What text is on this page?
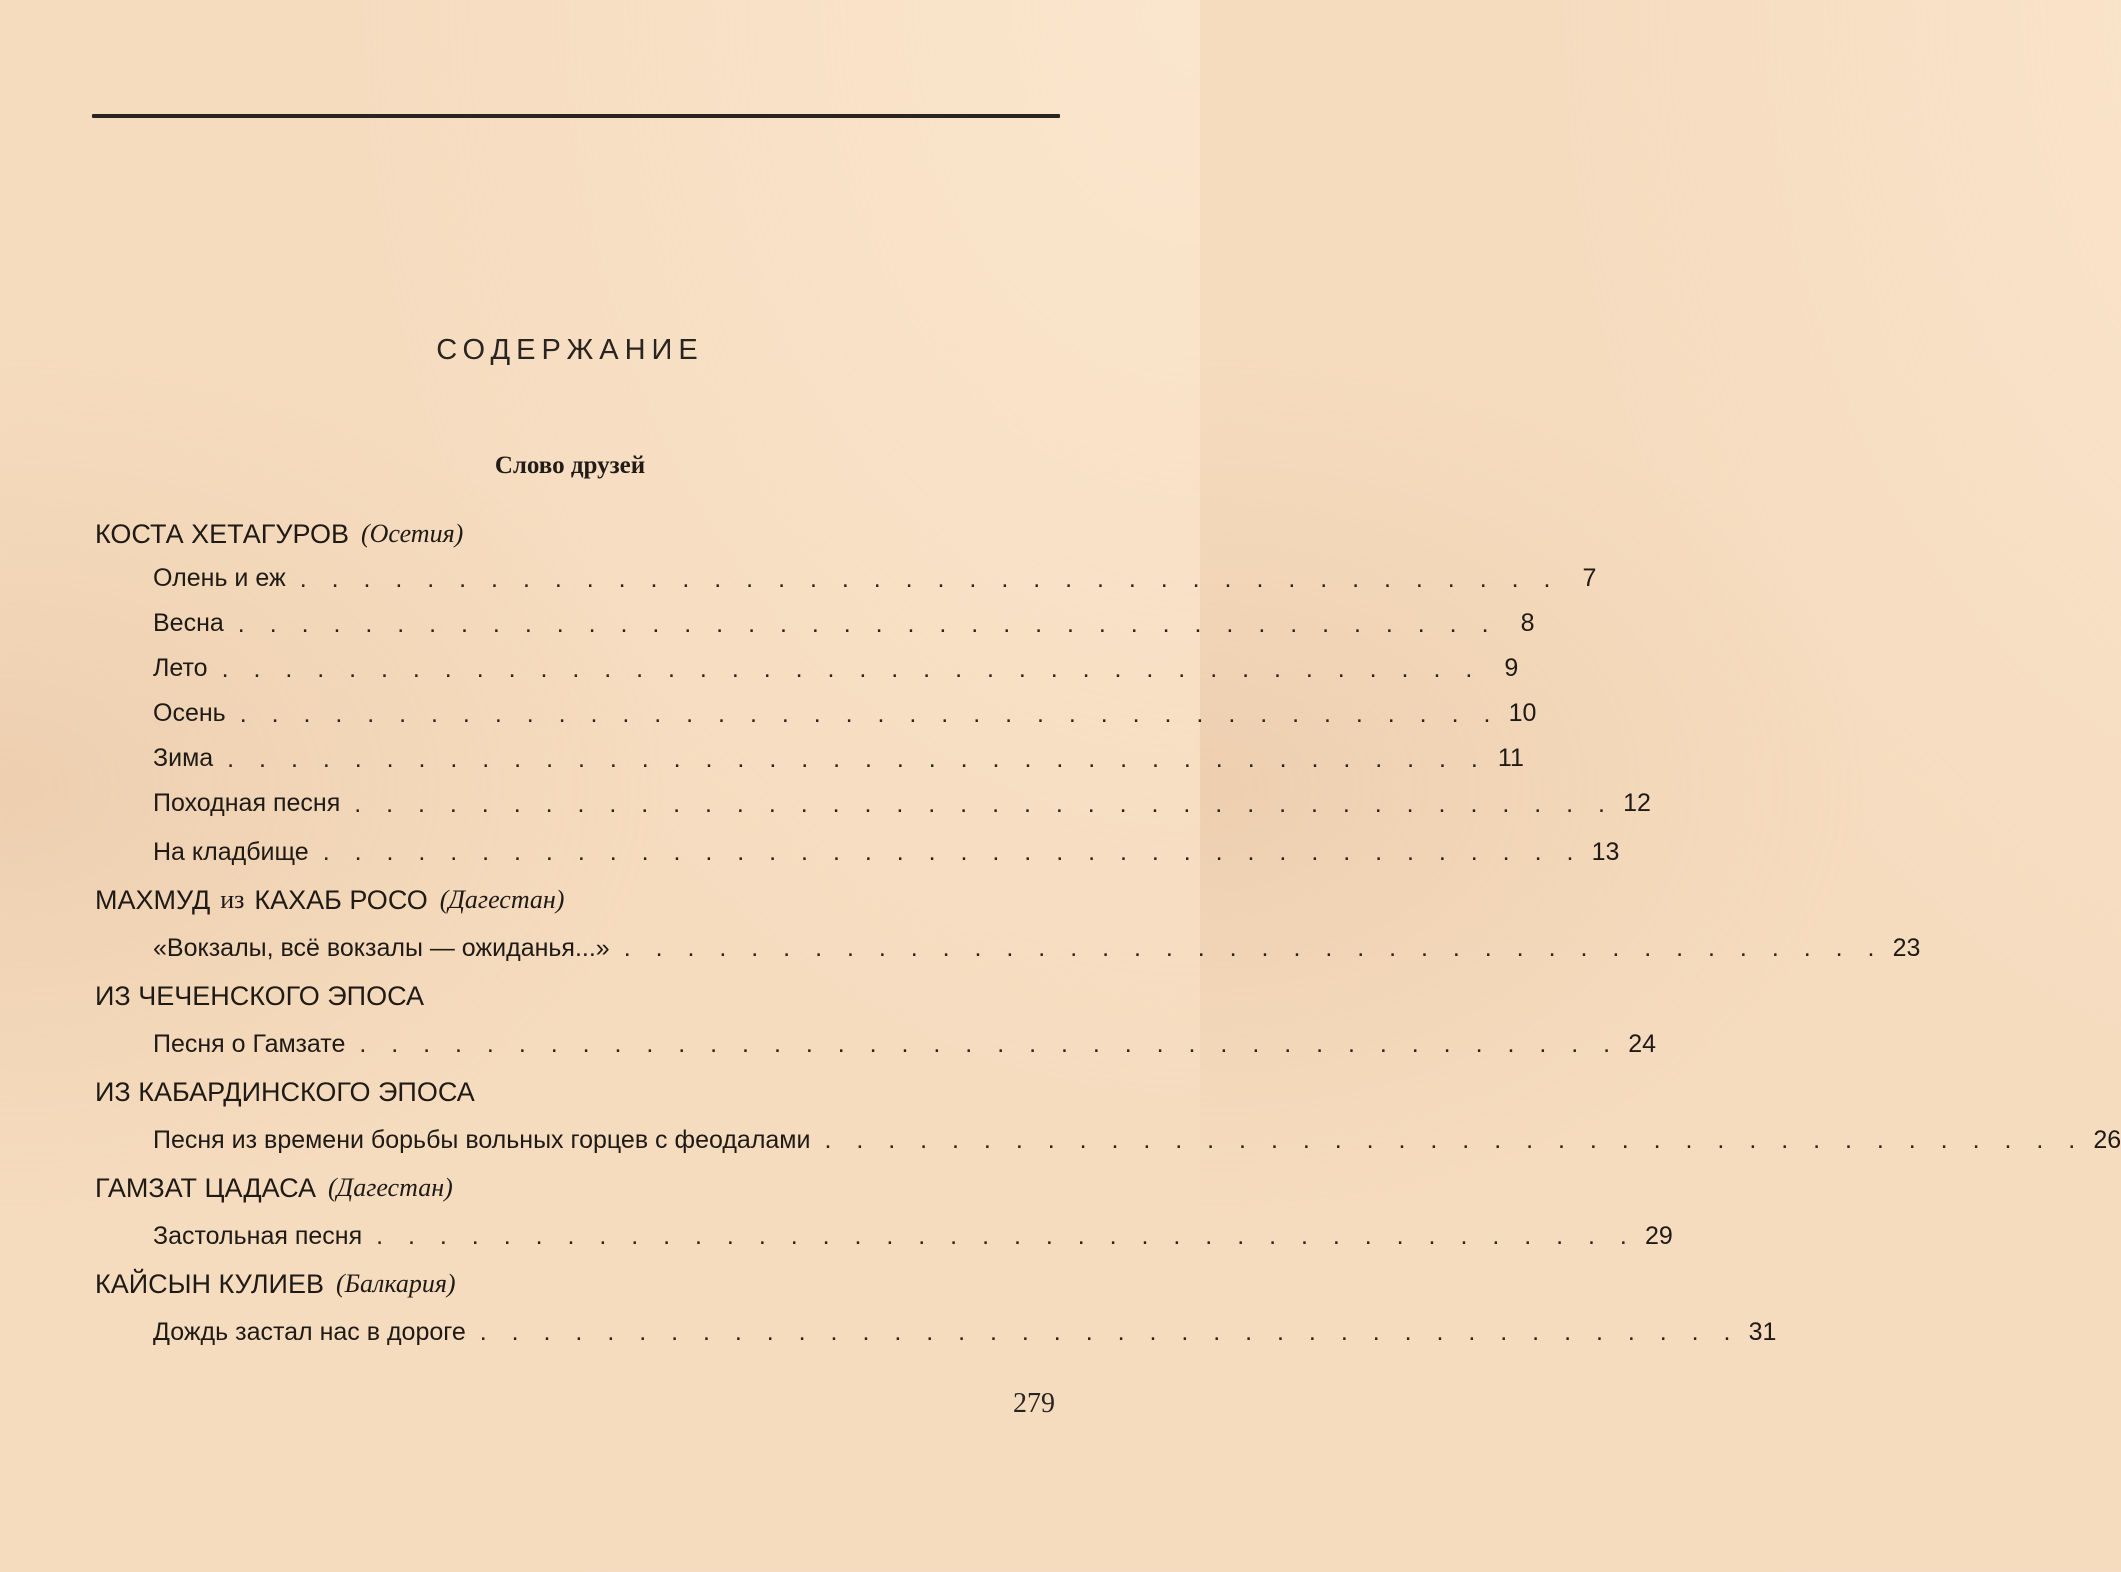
СОДЕРЖАНИЕ
Слово друзей
КОСТА ХЕТАГУРОВ (Осетия)
Олень и еж . . . . . . . . . . . . . . . . . . . . . . . . . . . . . . . . . . . . . . . .	7
Весна . . . . . . . . . . . . . . . . . . . . . . . . . . . . . . . . . . . . . . . .	8
Лето . . . . . . . . . . . . . . . . . . . . . . . . . . . . . . . . . . . . . . . .	9
Осень . . . . . . . . . . . . . . . . . . . . . . . . . . . . . . . . . . . . . . . . 10
Зима . . . . . . . . . . . . . . . . . . . . . . . . . . . . . . . . . . . . . . . . 11
Походная песня . . . . . . . . . . . . . . . . . . . . . . . . . . . . . . . . . . . . . . . . 12
На кладбище . . . . . . . . . . . . . . . . . . . . . . . . . . . . . . . . . . . . . . . . 13
МАХМУД из КАХАБ РОСО (Дагестан)
«Вокзалы, всё вокзалы — ожиданья...» . . . . . . . . . . . . . . . . . . . . . . . . . . . . . . . . . . . . . . . . 23
ИЗ ЧЕЧЕНСКОГО ЭПОСА
Песня о Гамзате . . . . . . . . . . . . . . . . . . . . . . . . . . . . . . . . . . . . . . . . 24
ИЗ КАБАРДИНСКОГО ЭПОСА
Песня из времени борьбы вольных горцев с феодалами . . . . . . . . . . . . . . . . . . . . . . . . . . . . . . . . . . . . . . . . 26
ГАМЗАТ ЦАДАСА (Дагестан)
Застольная песня . . . . . . . . . . . . . . . . . . . . . . . . . . . . . . . . . . . . . . . . 29
КАЙСЫН КУЛИЕВ (Балкария)
Дождь застал нас в дороге . . . . . . . . . . . . . . . . . . . . . . . . . . . . . . . . . . . . . . . . 31
279
